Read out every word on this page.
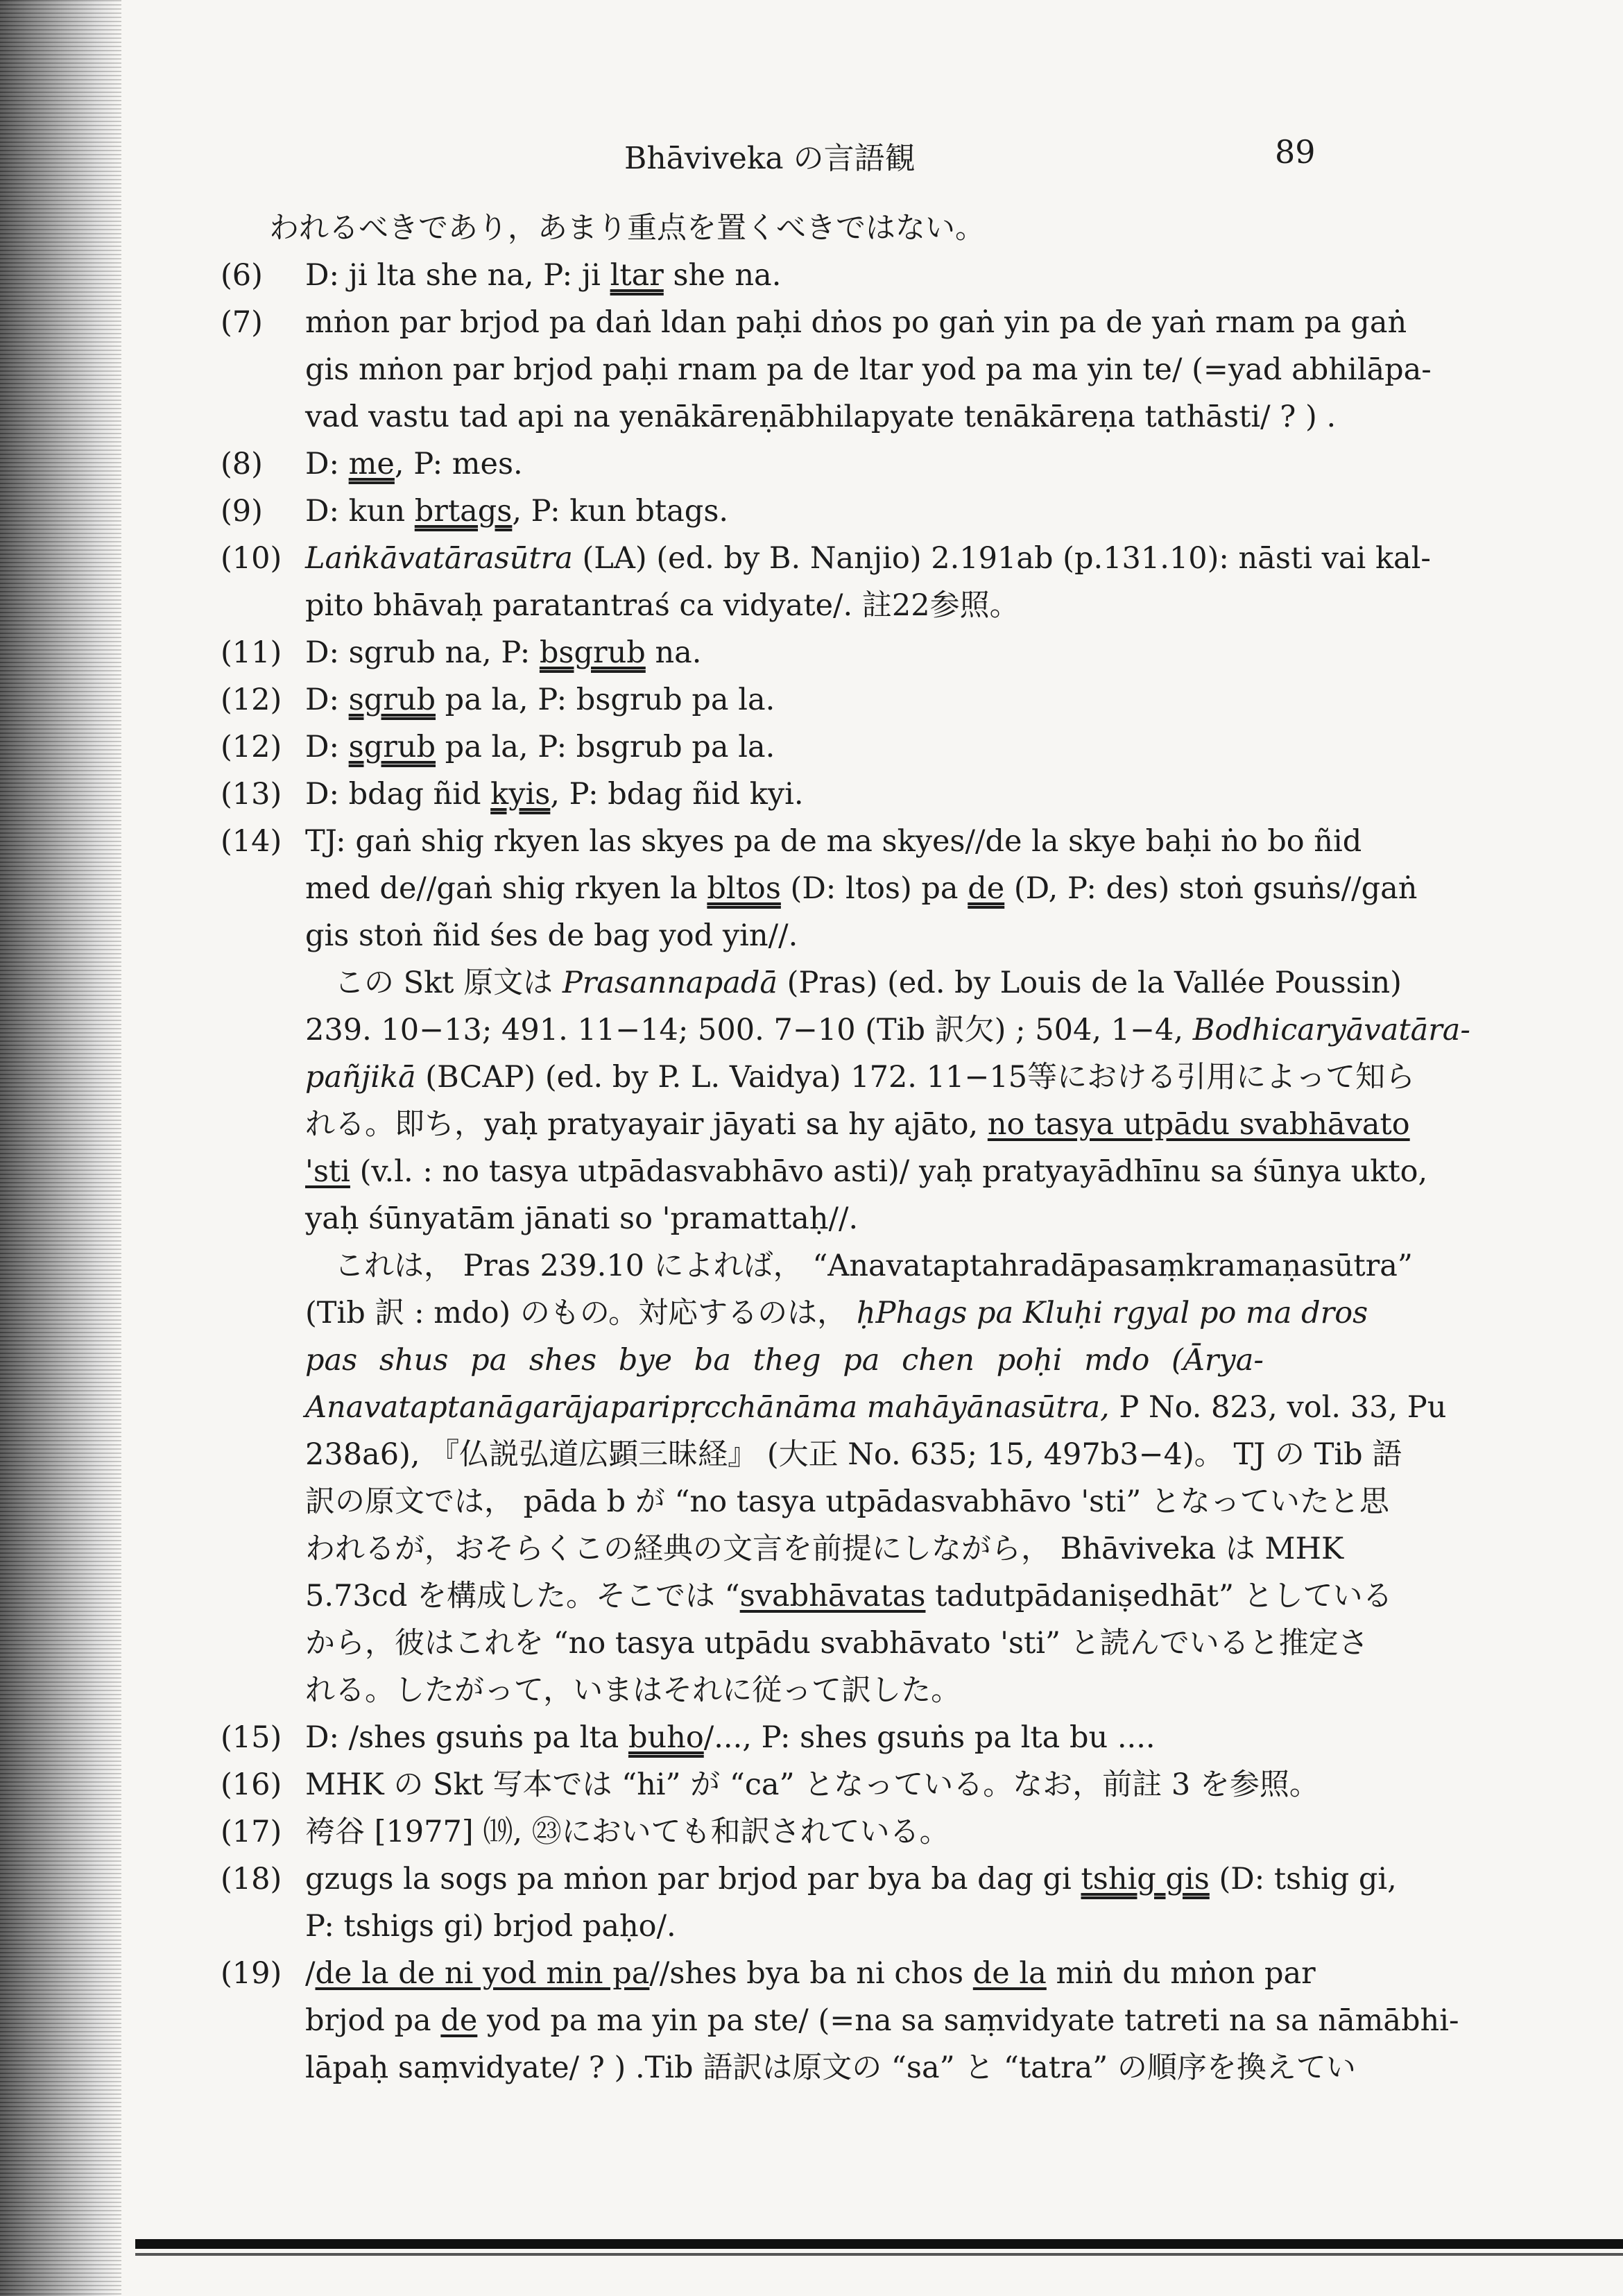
Bhāviveka の言語観	89
われるべきであり，あまり重点を置くべきではない。
(6)	D: ji lta she na, P: ji ltar she na.
(7)	mṅon par brjod pa daṅ ldan paḥi dṅos po gaṅ yin pa de yaṅ rnam pa gaṅ
gis mṅon par brjod paḥi rnam pa de ltar yod pa ma yin te/ (=yad abhilāpa-
vad vastu tad api na yenākāreṇābhilapyate tenākāreṇa tathāsti/ ? ) .
(8)	D: me, P: mes.
(9)	D: kun brtags, P: kun btags.
(10) Laṅkāvatārasūtra (LA) (ed. by B. Nanjio) 2.191ab (p.131.10): nāsti vai kal-
pito bhāvaḥ paratantraś ca vidyate/. 註22参照。
(11) D: sgrub na, P: bsgrub na.
(12) D: sgrub pa la, P: bsgrub pa la.
(12) D: sgrub pa la, P: bsgrub pa la.
(13) D: bdag ñid kyis, P: bdag ñid kyi.
(14) TJ: gaṅ shig rkyen las skyes pa de ma skyes//de la skye baḥi ṅo bo ñid
med de//gaṅ shig rkyen la bltos (D: ltos) pa de (D, P: des) stoṅ gsuṅs//gaṅ
gis stoṅ ñid śes de bag yod yin//.
この Skt 原文は Prasannapadā (Pras) (ed. by Louis de la Vallée Poussin)
239. 10−13; 491. 11−14; 500. 7−10 (Tib 訳欠) ; 504, 1−4, Bodhicaryāvatāra-
pañjikā (BCAP) (ed. by P. L. Vaidya) 172. 11−15等における引用によって知ら
れる。即ち，yaḥ pratyayair jāyati sa hy ajāto, no tasya utpādu svabhāvato
'sti (v.l. : no tasya utpādasvabhāvo asti)/ yaḥ pratyayādhīnu sa śūnya ukto,
yaḥ śūnyatām jānati so 'pramattaḥ//.
これは， Pras 239.10 によれば， “Anavataptahradāpasaṃkramaṇasūtra”
(Tib 訳 : mdo) のもの。対応するのは， ḥPhags pa Kluḥi rgyal po ma dros
pas shus pa shes bye ba theg pa chen poḥi mdo (Ārya-
Anavataptanāgarājaparipṛcchānāma mahāyānasūtra, P No. 823, vol. 33, Pu
238a6), 『仏説弘道広顕三昧経』 (大正 No. 635; 15, 497b3−4)。 TJ の Tib 語
訳の原文では， pāda b が “no tasya utpādasvabhāvo 'sti” となっていたと思
われるが，おそらくこの経典の文言を前提にしながら， Bhāviveka は MHK
5.73cd を構成した。そこでは “svabhāvatas tadutpādaniṣedhāt” としている
から，彼はこれを “no tasya utpādu svabhāvato 'sti” と読んでいると推定さ
れる。したがって，いまはそれに従って訳した。
(15) D: /shes gsuṅs pa lta buho/..., P: shes gsuṅs pa lta bu ....
(16) MHK の Skt 写本では “hi” が “ca” となっている。なお，前註 3 を参照。
(17) 袴谷 [1977] ⒆, ㉓においても和訳されている。
(18) gzugs la sogs pa mṅon par brjod par bya ba dag gi tshig gis (D: tshig gi,
P: tshigs gi) brjod paḥo/.
(19) /de la de ni yod min pa//shes bya ba ni chos de la miṅ du mṅon par
brjod pa de yod pa ma yin pa ste/ (=na sa saṃvidyate tatreti na sa nāmābhi-
lāpaḥ saṃvidyate/ ? ) .Tib 語訳は原文の “sa” と “tatra” の順序を換えてい
